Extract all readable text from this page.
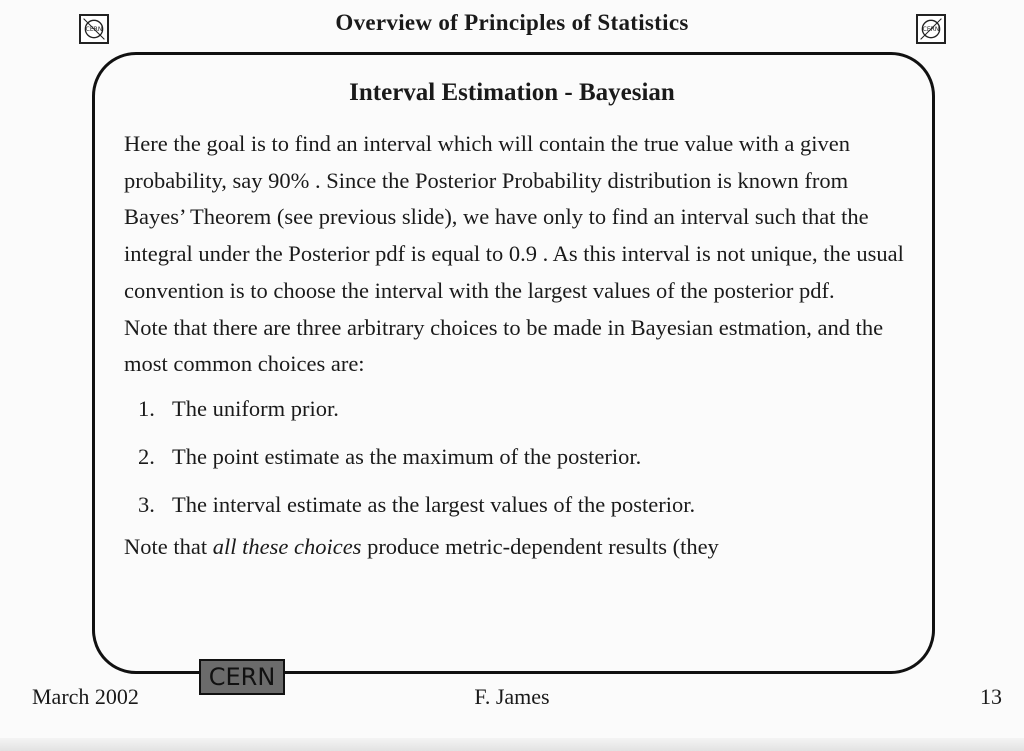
CERN	Overview of Principles of Statistics	CERN
Interval Estimation - Bayesian

Here the goal is to find an interval which will contain the true value with a given probability, say 90% . Since the Posterior Probability distribution is known from Bayes’ Theorem (see previous slide), we have only to find an interval such that the integral under the Posterior pdf is equal to 0.9 . As this interval is not unique, the usual convention is to choose the interval with the largest values of the posterior pdf.

Note that there are three arbitrary choices to be made in Bayesian estmation, and the most common choices are:

1. The uniform prior.
2. The point estimate as the maximum of the posterior.
3. The interval estimate as the largest values of the posterior.

Note that all these choices produce metric-dependent results (they

CERN
March 2002	F. James	13
